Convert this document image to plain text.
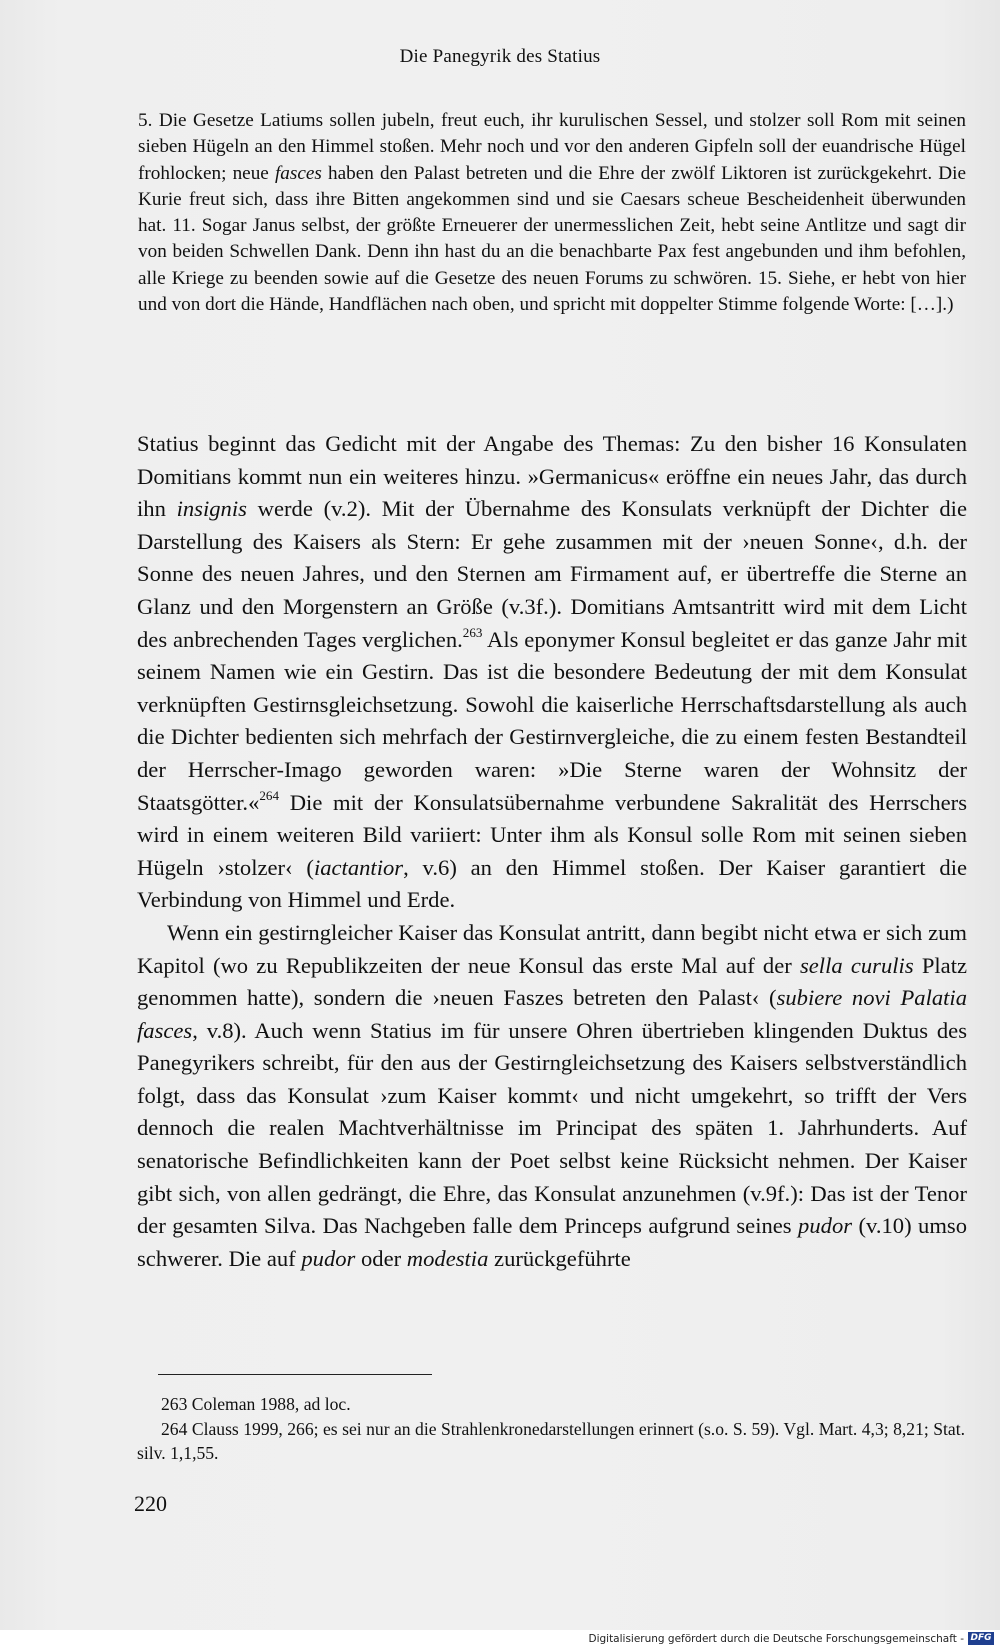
Die Panegyrik des Statius
5. Die Gesetze Latiums sollen jubeln, freut euch, ihr kurulischen Sessel, und stolzer soll Rom mit seinen sieben Hügeln an den Himmel stoßen. Mehr noch und vor den anderen Gipfeln soll der euandrische Hügel frohlocken; neue fasces haben den Palast betreten und die Ehre der zwölf Liktoren ist zurückgekehrt. Die Kurie freut sich, dass ihre Bitten angekommen sind und sie Caesars scheue Bescheidenheit überwunden hat. 11. Sogar Janus selbst, der größte Erneuerer der unermesslichen Zeit, hebt seine Antlitze und sagt dir von beiden Schwellen Dank. Denn ihn hast du an die benachbarte Pax fest angebunden und ihm befohlen, alle Kriege zu beenden sowie auf die Gesetze des neuen Forums zu schwören. 15. Siehe, er hebt von hier und von dort die Hände, Handflächen nach oben, und spricht mit doppelter Stimme folgende Worte: […].)

Statius beginnt das Gedicht mit der Angabe des Themas: Zu den bisher 16 Konsulaten Domitians kommt nun ein weiteres hinzu. »Germanicus« eröffne ein neues Jahr, das durch ihn insignis werde (v.2). Mit der Übernahme des Konsulats verknüpft der Dichter die Darstellung des Kaisers als Stern: Er gehe zusammen mit der ›neuen Sonne‹, d.h. der Sonne des neuen Jahres, und den Sternen am Firmament auf, er übertreffe die Sterne an Glanz und den Morgenstern an Größe (v.3f.). Domitians Amtsantritt wird mit dem Licht des anbrechenden Tages verglichen.$^{263}$ Als eponymer Konsul begleitet er das ganze Jahr mit seinem Namen wie ein Gestirn. Das ist die besondere Bedeutung der mit dem Konsulat verknüpften Gestirnsgleichsetzung. Sowohl die kaiserliche Herrschaftsdarstellung als auch die Dichter bedienten sich mehrfach der Gestirnvergleiche, die zu einem festen Bestandteil der Herrscher-Imago geworden waren: »Die Sterne waren der Wohnsitz der Staatsgötter.«$^{264}$ Die mit der Konsulatsübernahme verbundene Sakralität des Herrschers wird in einem weiteren Bild variiert: Unter ihm als Konsul solle Rom mit seinen sieben Hügeln ›stolzer‹ (iactantior, v.6) an den Himmel stoßen. Der Kaiser garantiert die Verbindung von Himmel und Erde.

Wenn ein gestirngleicher Kaiser das Konsulat antritt, dann begibt nicht etwa er sich zum Kapitol (wo zu Republikzeiten der neue Konsul das erste Mal auf der sella curulis Platz genommen hatte), sondern die ›neuen Faszes betreten den Palast‹ (subiere novi Palatia fasces, v.8). Auch wenn Statius im für unsere Ohren übertrieben klingenden Duktus des Panegyrikers schreibt, für den aus der Gestirngleichsetzung des Kaisers selbstverständlich folgt, dass das Konsulat ›zum Kaiser kommt‹ und nicht umgekehrt, so trifft der Vers dennoch die realen Machtverhältnisse im Principat des späten 1. Jahrhunderts. Auf senatorische Befindlichkeiten kann der Poet selbst keine Rücksicht nehmen. Der Kaiser gibt sich, von allen gedrängt, die Ehre, das Konsulat anzunehmen (v.9f.): Das ist der Tenor der gesamten Silva. Das Nachgeben falle dem Princeps aufgrund seines pudor (v.10) umso schwerer. Die auf pudor oder modestia zurückgeführte

263 Coleman 1988, ad loc.

264 Clauss 1999, 266; es sei nur an die Strahlenkronedarstellungen erinnert (s.o. S. 59). Vgl. Mart. 4,3; 8,21; Stat. silv. 1,1,55.

220
Digitalisierung gefördert durch die Deutsche Forschungsgemeinschaft - DFG
